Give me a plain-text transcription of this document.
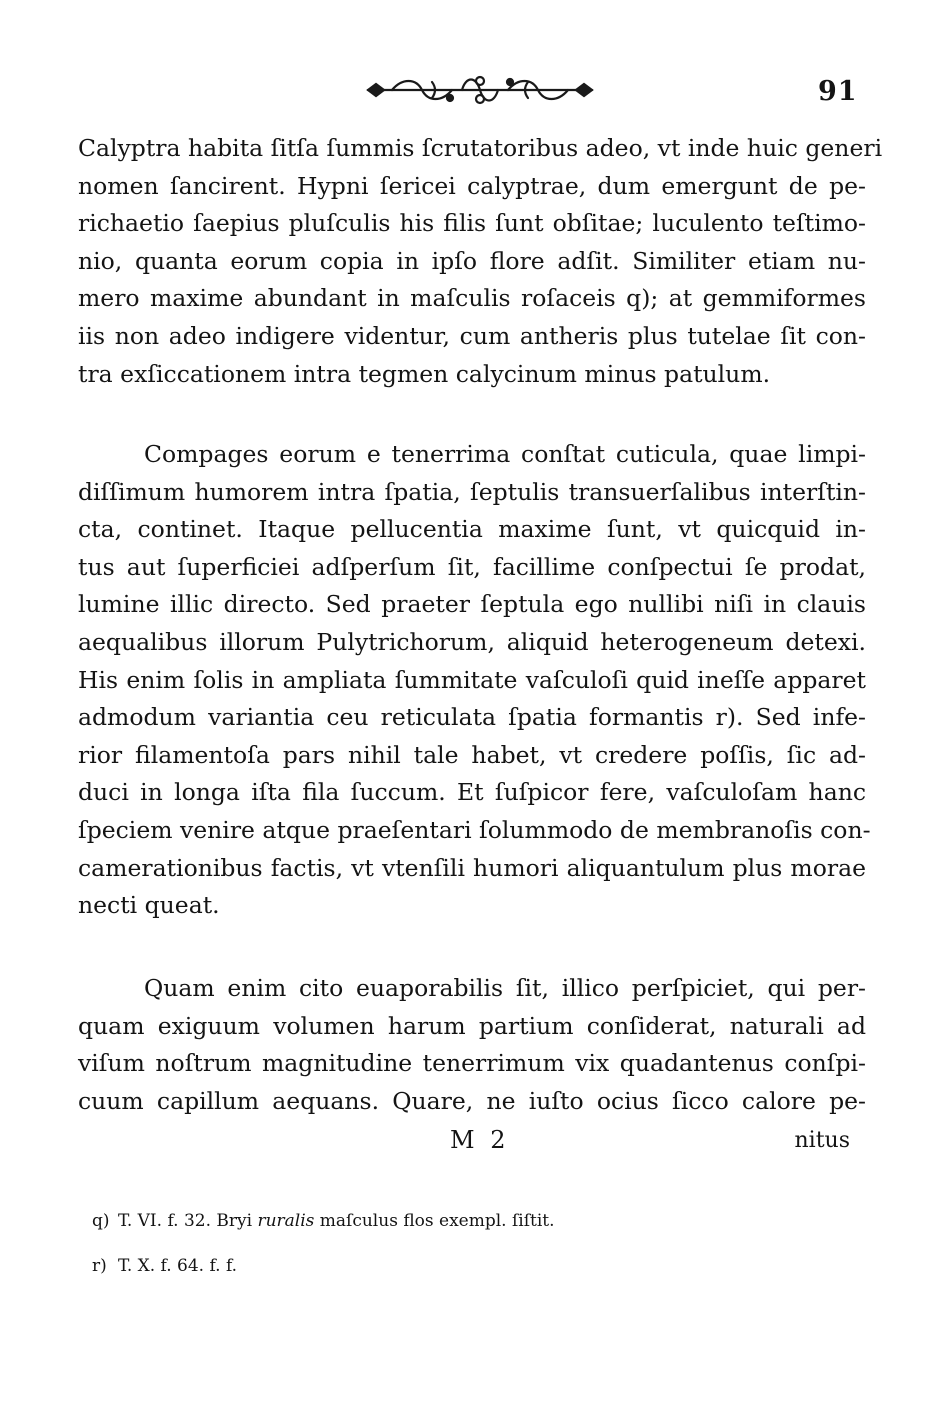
91
Calyptra habita ſitſa ſummis ſcrutatoribus adeo, vt inde huic generi
nomen ſancirent. Hypni ſericei calyptrae, dum emergunt de pe-
richaetio ſaepius pluſculis his filis ſunt obſitae; luculento teſtimo-
nio, quanta eorum copia in ipſo flore adſit. Similiter etiam nu-
mero maxime abundant in maſculis roſaceis q); at gemmiformes
iis non adeo indigere videntur, cum antheris plus tutelae ſit con-
tra exſiccationem intra tegmen calycinum minus patulum.
Compages eorum e tenerrima conſtat cuticula, quae limpi-
diſſimum humorem intra ſpatia, ſeptulis transuerſalibus interſtin-
cta, continet. Itaque pellucentia maxime ſunt, vt quicquid in-
tus aut ſuperficiei adſperſum ſit, facillime conſpectui ſe prodat,
lumine illic directo. Sed praeter ſeptula ego nullibi niſi in clauis
aequalibus illorum Pulytrichorum, aliquid heterogeneum detexi.
His enim ſolis in ampliata ſummitate vaſculoſi quid ineſſe apparet
admodum variantia ceu reticulata ſpatia formantis r). Sed infe-
rior filamentoſa pars nihil tale habet, vt credere poſſis, ſic ad-
duci in longa iſta fila ſuccum. Et ſuſpicor fere, vaſculoſam hanc
ſpeciem venire atque praeſentari ſolummodo de membranoſis con-
camerationibus factis, vt vtenſili humori aliquantulum plus morae
necti queat.
Quam enim cito euaporabilis ſit, illico perſpiciet, qui per-
quam exiguum volumen harum partium conſiderat, naturali ad
viſum noſtrum magnitudine tenerrimum vix quadantenus conſpi-
cuum capillum aequans. Quare, ne iuſto ocius ſicco calore pe-
M 2	nitus
q) T. VI. f. 32. Bryi ruralis maſculus flos exempl. ſiſtit.
r) T. X. f. 64. f. f.
